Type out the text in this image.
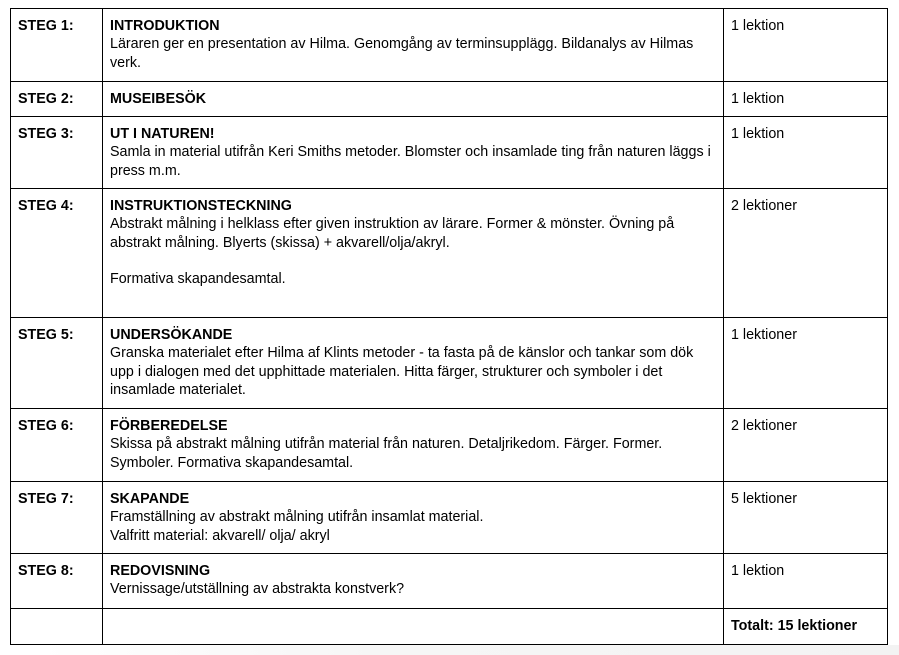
STEG 1:	INTRODUKTION
Läraren ger en presentation av Hilma. Genomgång av terminsupplägg. Bildanalys av Hilmas verk.	1 lektion
STEG 2:	MUSEIBESÖK	1 lektion
STEG 3:	UT I NATUREN!
Samla in material utifrån Keri Smiths metoder. Blomster och insamlade ting från naturen läggs i press m.m.	1 lektion
STEG 4:	INSTRUKTIONSTECKNING
Abstrakt målning i helklass efter given instruktion av lärare. Former & mönster. Övning på abstrakt målning. Blyerts (skissa) + akvarell/olja/akryl.

Formativa skapandesamtal.	2 lektioner
STEG 5:	UNDERSÖKANDE
Granska materialet efter Hilma af Klints metoder - ta fasta på de känslor och tankar som dök upp i dialogen med det upphittade materialen. Hitta färger, strukturer och symboler i det insamlade materialet.	1 lektioner
STEG 6:	FÖRBEREDELSE
Skissa på abstrakt målning utifrån material från naturen. Detaljrikedom. Färger. Former. Symboler. Formativa skapandesamtal.	2 lektioner
STEG 7:	SKAPANDE
Framställning av abstrakt målning utifrån insamlat material.
Valfritt material: akvarell/ olja/ akryl	5 lektioner
STEG 8:	REDOVISNING
Vernissage/utställning av abstrakta konstverk?	1 lektion
		Totalt: 15 lektioner
